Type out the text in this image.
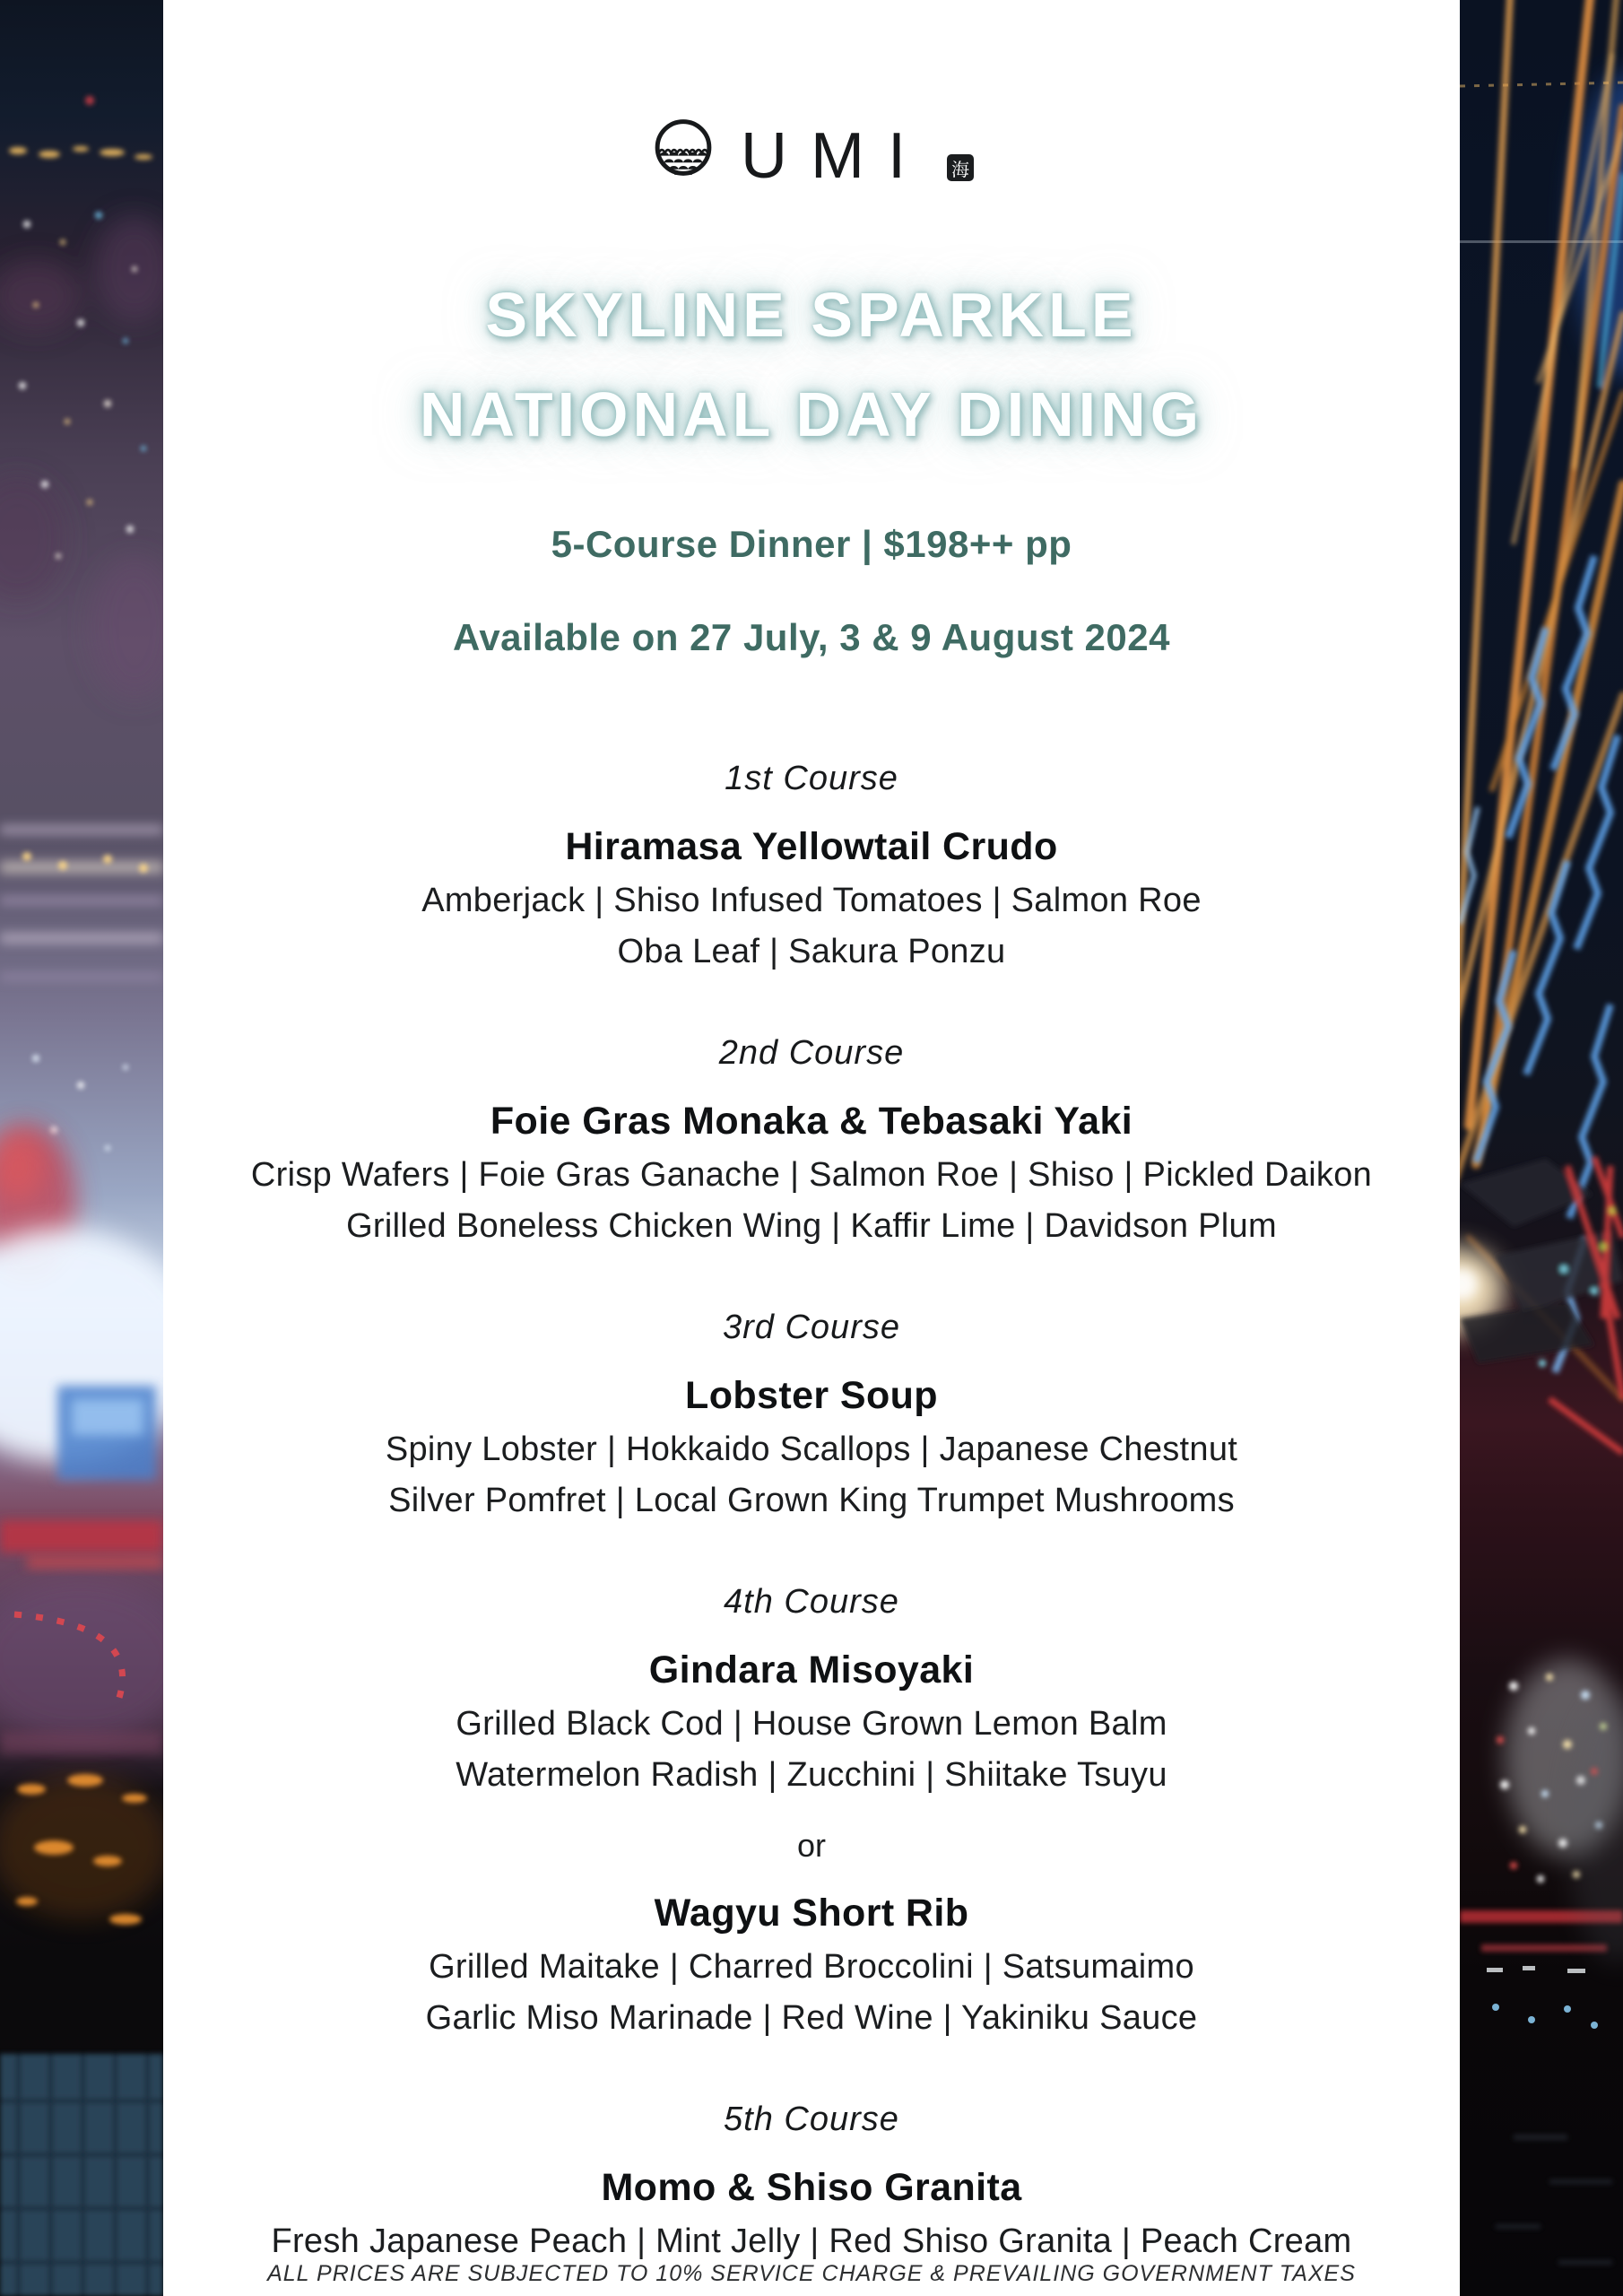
UMI 海
SKYLINE SPARKLE
NATIONAL DAY DINING

5-Course Dinner | $198++ pp

Available on 27 July, 3 & 9 August 2024

1st Course
Hiramasa Yellowtail Crudo
Amberjack | Shiso Infused Tomatoes | Salmon Roe
Oba Leaf | Sakura Ponzu
2nd Course
Foie Gras Monaka & Tebasaki Yaki
Crisp Wafers | Foie Gras Ganache | Salmon Roe | Shiso | Pickled Daikon
Grilled Boneless Chicken Wing | Kaffir Lime | Davidson Plum
3rd Course
Lobster Soup
Spiny Lobster | Hokkaido Scallops | Japanese Chestnut
Silver Pomfret | Local Grown King Trumpet Mushrooms
4th Course
Gindara Misoyaki
Grilled Black Cod | House Grown Lemon Balm
Watermelon Radish | Zucchini | Shiitake Tsuyu
or
Wagyu Short Rib
Grilled Maitake | Charred Broccolini | Satsumaimo
Garlic Miso Marinade | Red Wine | Yakiniku Sauce
5th Course
Momo & Shiso Granita
Fresh Japanese Peach | Mint Jelly | Red Shiso Granita | Peach Cream
ALL PRICES ARE SUBJECTED TO 10% SERVICE CHARGE & PREVAILING GOVERNMENT TAXES
